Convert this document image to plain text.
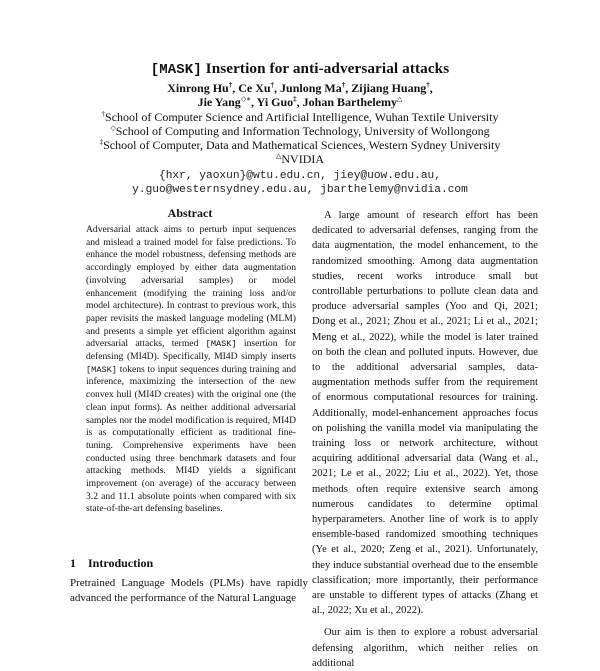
[MASK] Insertion for anti-adversarial attacks
Xinrong Hu†, Ce Xu†, Junlong Ma†, Zijiang Huang†,
Jie Yang◇∗, Yi Guo‡, Johan Barthelemy△
†School of Computer Science and Artificial Intelligence, Wuhan Textile University
◇School of Computing and Information Technology, University of Wollongong
‡School of Computer, Data and Mathematical Sciences, Western Sydney University
△NVIDIA
{hxr, yaoxun}@wtu.edu.cn, jiey@uow.edu.au,
y.guo@westernsydney.edu.au, jbarthelemy@nvidia.com
Abstract
Adversarial attack aims to perturb input sequences and mislead a trained model for false predictions. To enhance the model robustness, defensing methods are accordingly employed by either data augmentation (involving adversarial samples) or model enhancement (modifying the training loss and/or model architecture). In contrast to previous work, this paper revisits the masked language modeling (MLM) and presents a simple yet efficient algorithm against adversarial attacks, termed [MASK] insertion for defensing (MI4D). Specifically, MI4D simply inserts [MASK] tokens to input sequences during training and inference, maximizing the intersection of the new convex hull (MI4D creates) with the original one (the clean input forms). As neither additional adversarial samples nor the model modification is required, MI4D is as computationally efficient as traditional fine-tuning. Comprehensive experiments have been conducted using three benchmark datasets and four attacking methods. MI4D yields a significant improvement (on average) of the accuracy between 3.2 and 11.1 absolute points when compared with six state-of-the-art defensing baselines.
1 Introduction
Pretrained Language Models (PLMs) have rapidly advanced the performance of the Natural Language

A large amount of research effort has been dedicated to adversarial defenses, ranging from the data augmentation, the model enhancement, to the randomized smoothing. Among data augmentation studies, recent works introduce small but controllable perturbations to pollute clean data and produce adversarial samples (Yoo and Qi, 2021; Dong et al., 2021; Zhou et al., 2021; Li et al., 2021; Meng et al., 2022), while the model is later trained on both the clean and polluted inputs. However, due to the additional adversarial samples, data-augmentation methods suffer from the requirement of enormous computational resources for training. Additionally, model-enhancement approaches focus on polishing the vanilla model via manipulating the training loss or network architecture, without acquiring additional adversarial data (Wang et al., 2021; Le et al., 2022; Liu et al., 2022). Yet, those methods often require extensive search among numerous candidates to determine optimal hyperparameters. Another line of work is to apply ensemble-based randomized smoothing techniques (Ye et al., 2020; Zeng et al., 2021). Unfortunately, they induce substantial overhead due to the ensemble classification; more importantly, their performance are unstable to different types of attacks (Zhang et al., 2022; Xu et al., 2022).

Our aim is then to explore a robust adversarial defensing algorithm, which neither relies on additional
